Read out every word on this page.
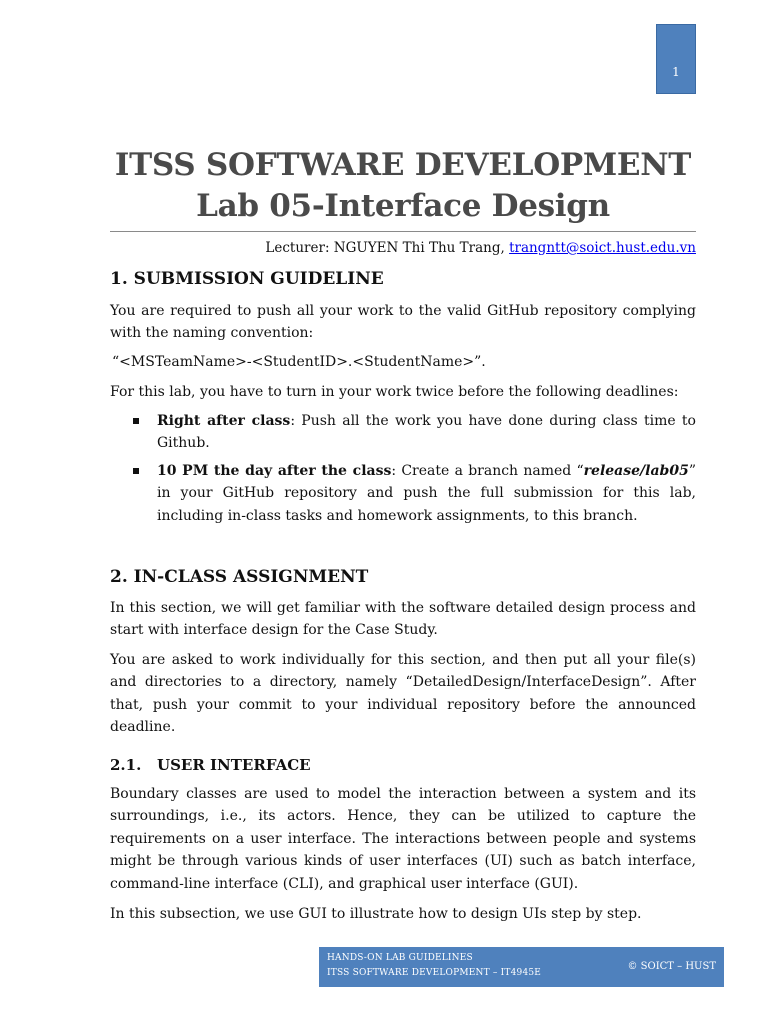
1
ITSS SOFTWARE DEVELOPMENT
Lab 05-Interface Design
Lecturer: NGUYEN Thi Thu Trang, trangntt@soict.hust.edu.vn
1. SUBMISSION GUIDELINE
You are required to push all your work to the valid GitHub repository complying with the naming convention:
“<MSTeamName>-<StudentID>.<StudentName>”.
For this lab, you have to turn in your work twice before the following deadlines:
Right after class: Push all the work you have done during class time to Github.
10 PM the day after the class: Create a branch named “release/lab05” in your GitHub repository and push the full submission for this lab, including in-class tasks and homework assignments, to this branch.
2. IN-CLASS ASSIGNMENT
In this section, we will get familiar with the software detailed design process and start with interface design for the Case Study.
You are asked to work individually for this section, and then put all your file(s) and directories to a directory, namely “DetailedDesign/InterfaceDesign”. After that, push your commit to your individual repository before the announced deadline.
2.1. USER INTERFACE
Boundary classes are used to model the interaction between a system and its surroundings, i.e., its actors. Hence, they can be utilized to capture the requirements on a user interface. The interactions between people and systems might be through various kinds of user interfaces (UI) such as batch interface, command-line interface (CLI), and graphical user interface (GUI).
In this subsection, we use GUI to illustrate how to design UIs step by step.
HANDS-ON LAB GUIDELINES
ITSS SOFTWARE DEVELOPMENT – IT4945E
© SOICT – HUST
